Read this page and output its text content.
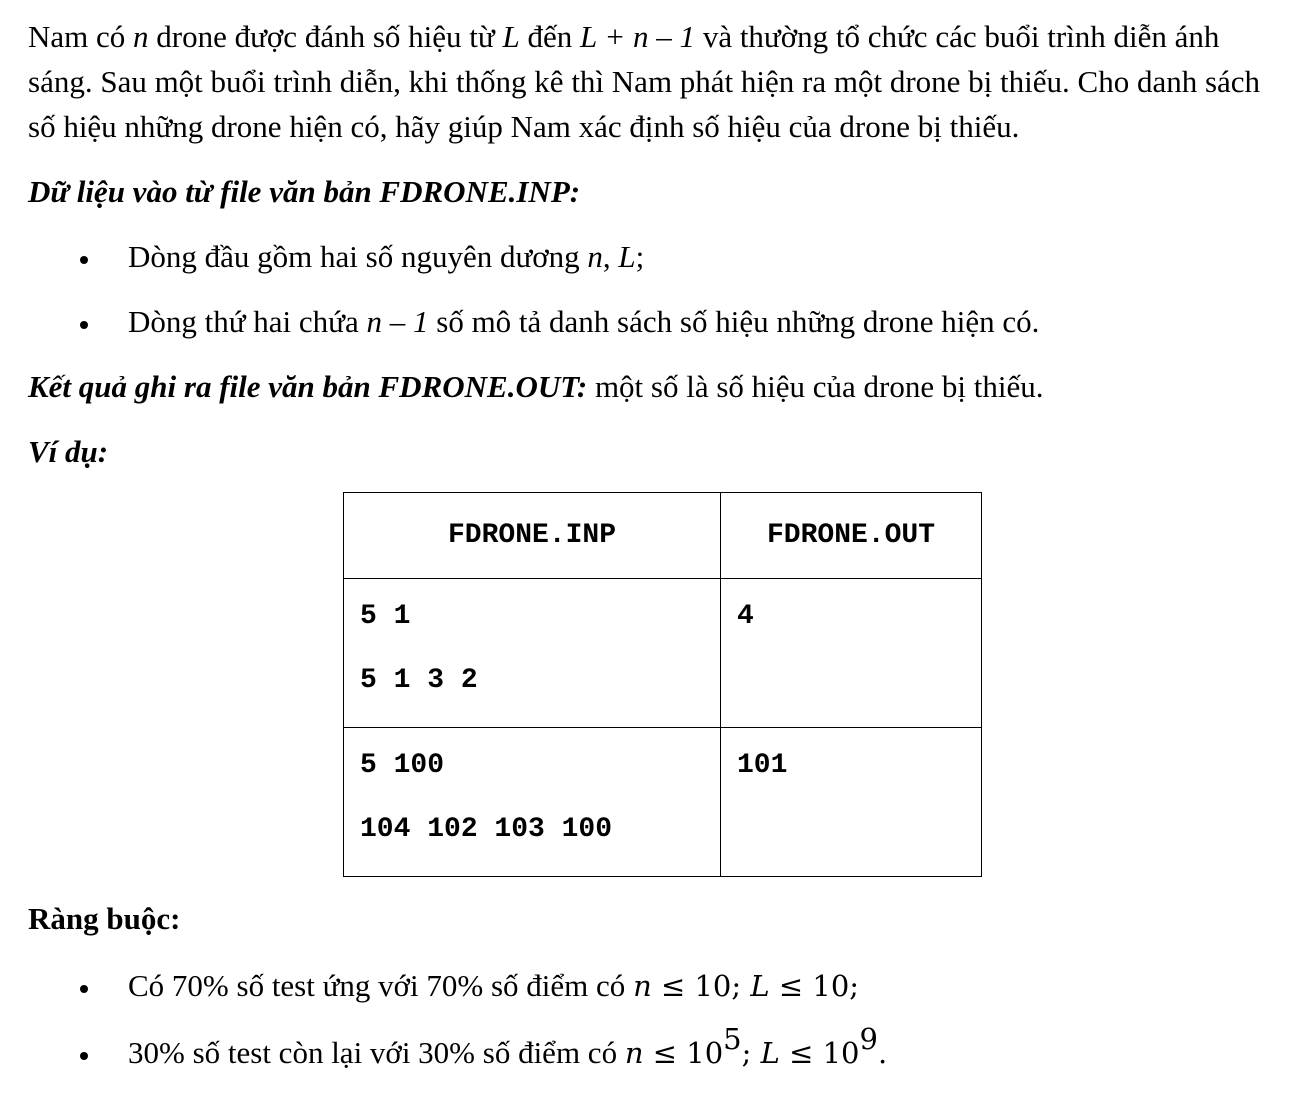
Nam có n drone được đánh số hiệu từ L đến L + n – 1 và thường tổ chức các buổi trình diễn ánh sáng. Sau một buổi trình diễn, khi thống kê thì Nam phát hiện ra một drone bị thiếu. Cho danh sách số hiệu những drone hiện có, hãy giúp Nam xác định số hiệu của drone bị thiếu.

Dữ liệu vào từ file văn bản FDRONE.INP:

Dòng đầu gồm hai số nguyên dương n, L;
Dòng thứ hai chứa n – 1 số mô tả danh sách số hiệu những drone hiện có.

Kết quả ghi ra file văn bản FDRONE.OUT: một số là số hiệu của drone bị thiếu.

Ví dụ:

FDRONE.INP	FDRONE.OUT

5 1
5 1 3 2	4

5 100
104 102 103 100	101

Ràng buộc:

Có 70% số test ứng với 70% số điểm có n ≤ 10; L ≤ 10;
30% số test còn lại với 30% số điểm có $n \le 10^5$; $L \le 10^9$.
